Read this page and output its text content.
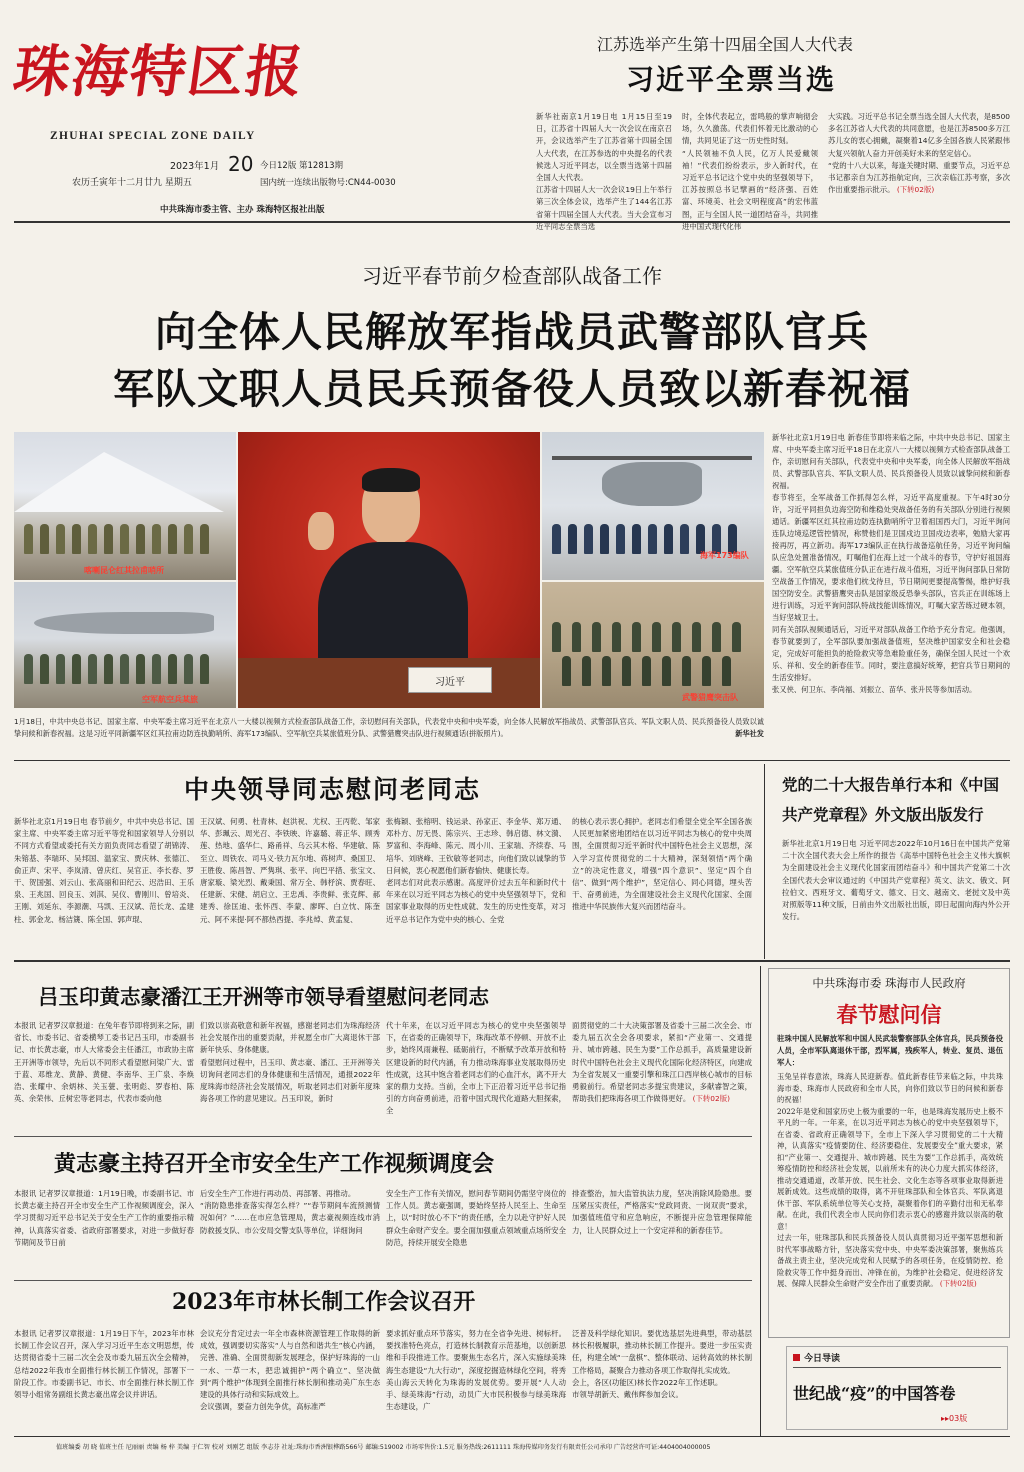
珠海特区报
ZHUHAI SPECIAL ZONE DAILY
2023年1月 20
农历壬寅年十二月廿九 星期五
今日12版 第12813期
国内统一连续出版物号:CN44-0030
中共珠海市委主管、主办 珠海特区报社出版
江苏选举产生第十四届全国人大代表
习近平全票当选
新华社南京1月19日电 1月15日至19日，江苏省十四届人大一次会议在南京召开，会议选举产生了江苏省第十四届全国人大代表，在江苏参选的中央提名的代表候选人习近平同志，以全票当选第十四届全国人大代表。
江苏省十四届人大一次会议19日上午举行第三次全体会议，选举产生了144名江苏省第十四届全国人大代表。当大会宣布习近平同志全票当选
时，全体代表起立，雷鸣般的掌声响彻会场，久久激荡。代表们怀着无比激动的心情，共同见证了这一历史性时刻。
“人民领袖不负人民，亿万人民爱戴领袖！”代表们纷纷表示，步入新时代，在习近平总书记这个党中央的坚强领导下，江苏按照总书记擘画的“经济强、百姓富、环境美、社会文明程度高”的宏伟蓝图，正与全国人民一道团结奋斗，共同推进中国式现代化伟
大实践。习近平总书记全票当选全国人大代表，是8500多名江苏省人大代表的共同意愿，也是江苏8500多万江苏儿女的衷心拥戴，凝聚着14亿多全国各族人民紧跟伟大复兴领航人奋力开创美好未来的坚定信心。
“党的十八大以来，每逢关键时期、重要节点，习近平总书记都亲自为江苏指航定向，三次亲临江苏考察，多次作出重要指示批示。 (下转02版)
习近平春节前夕检查部队战备工作
向全体人民解放军指战员武警部队官兵
军队文职人员民兵预备役人员致以新春祝福
喀喇昆仑红其拉甫哨所
空军航空兵某旅
习近平
海军173编队
武警猎鹰突击队
1月18日，中共中央总书记、国家主席、中央军委主席习近平在北京八一大楼以视频方式检查部队战备工作，亲切慰问有关部队，代表党中央和中央军委，向全体人民解放军指战员、武警部队官兵、军队文职人员、民兵预备役人员致以诚挚问候和新春祝福。这是习近平同新疆军区红其拉甫边防连执勤哨所、海军173编队、空军航空兵某旅值班分队、武警猎鹰突击队进行视频通话(拼版照片)。	新华社发
新华社北京1月19日电 新春佳节即将来临之际，中共中央总书记、国家主席、中央军委主席习近平18日在北京八一大楼以视频方式检查部队战备工作，亲切慰问有关部队，代表党中央和中央军委，向全体人民解放军指战员、武警部队官兵、军队文职人员、民兵预备役人员致以诚挚问候和新春祝福。
春节将至，全军战备工作抓得怎么样，习近平高度重视。下午4时30分许，习近平同担负边海空防和维稳处突战备任务的有关部队分别进行视频通话。新疆军区红其拉甫边防连执勤哨所守卫着祖国西大门，习近平询问连队边境巡逻管控情况，称赞他们是卫国戍边卫国戍边表率，勉励大家再接再厉，再立新功。海军173编队正在执行战备巡航任务，习近平询问编队应急处置准备情况，叮嘱他们在海上过一个战斗的春节，守护好祖国海疆。空军航空兵某旅值班分队正在进行战斗值班，习近平询问部队日常防空战备工作情况，要求他们枕戈待旦，节日期间更要提高警惕，维护好我国空防安全。武警猎鹰突击队是国家级反恐拳头部队，官兵正在训练场上进行训练，习近平询问部队特战技能训练情况，叮嘱大家苦练过硬本领，当好坚城卫士。
同有关部队视频通话后，习近平对部队战备工作给予充分肯定。他强调，春节就要到了，全军部队要加强战备值班，坚决维护国家安全和社会稳定，完成好可能担负的抢险救灾等急难险重任务，确保全国人民过一个欢乐、祥和、安全的新春佳节。同时，要注意搞好统筹，把官兵节日期间的生活安排好。
张又侠、何卫东、李尚福、刘振立、苗华、张升民等参加活动。
中央领导同志慰问老同志
新华社北京1月19日电 春节前夕，中共中央总书记、国家主席、中央军委主席习近平等党和国家领导人分别以不同方式看望或委托有关方面负责同志看望了胡锦涛、朱镕基、李瑞环、吴邦国、温家宝、贾庆林、张德江、俞正声、宋平、李岚清、曾庆红、吴官正、李长春、罗干、贺国强、刘云山、张高丽和田纪云、迟浩田、王乐泉、王兆国、回良玉、刘淇、吴仪、曹刚川、曾培炎、王刚、刘延东、李源潮、马凯、王汉斌、范长龙、孟建柱、郭金龙、杨洁篪、陈全国、郭声琨、
王汉斌、何勇、杜青林、赵洪祝、尤权、王丙乾、邹家华、彭珮云、周光召、李铁映、许嘉璐、蒋正华、顾秀莲、热地、盛华仁、路甬祥、乌云其木格、华建敏、陈至立、周铁农、司马义·铁力瓦尔地、蒋树声、桑国卫、王胜俊、陈昌智、严隽琪、张平、向巴平措、张宝文、唐家璇、梁光烈、戴秉国、常万全、韩杼滨、贾春旺、任建新、宋健、胡启立、王忠禹、李贵鲜、张克辉、郝建秀、徐匡迪、张怀西、李蒙、廖晖、白立忱、陈奎元、阿不来提·阿不都热西提、李兆焯、黄孟复、
张梅颖、张榕明、钱运录、孙家正、李金华、郑万通、邓朴方、厉无畏、陈宗兴、王志珍、韩启德、林文漪、罗富和、李海峰、陈元、周小川、王家瑞、齐续春、马培华、刘晓峰、王钦敏等老同志，向他们致以诚挚的节日问候，衷心祝愿他们新春愉快、健康长寿。
老同志们对此表示感谢。高度评价过去五年和新时代十年来在以习近平同志为核心的党中央坚强领导下，党和国家事业取得的历史性成就、发生的历史性变革，对习近平总书记作为党中央的核心、全党
的核心表示衷心拥护。老同志们希望全党全军全国各族人民更加紧密地团结在以习近平同志为核心的党中央周围，全面贯彻习近平新时代中国特色社会主义思想，深入学习宣传贯彻党的二十大精神，深刻领悟“两个确立”的决定性意义，增强“四个意识”、坚定“四个自信”、做到“两个维护”，坚定信心、同心同德，埋头苦干、奋勇前进，为全面建设社会主义现代化国家、全面推进中华民族伟大复兴而团结奋斗。
党的二十大报告单行本和《中国
共产党章程》外文版出版发行
新华社北京1月19日电 习近平同志2022年10月16日在中国共产党第二十次全国代表大会上所作的报告《高举中国特色社会主义伟大旗帜 为全面建设社会主义现代化国家而团结奋斗》和中国共产党第二十次全国代表大会审议通过的《中国共产党章程》英文、法文、俄文、阿拉伯文、西班牙文、葡萄牙文、德文、日文、越南文、老挝文及中英对照版等11种文版，日前由外文出版社出版，即日起面向海内外公开发行。
吕玉印黄志豪潘江王开洲等市领导看望慰问老同志
本报讯 记者罗汉章报道：在兔年春节即将到来之际，副省长、市委书记、省委横琴工委书记吕玉印，市委副书记、市长黄志豪，市人大常委会主任潘江，市政协主席王开洲等市领导，先后以不同形式看望慰问梁广大、雷于蓝、邓维龙、黄静、黄健、李南华、王广泉、李焕浩、张耀中、余炳林、关玉甍、张明彪、罗春柏、陈英、余荣伟、丘树宏等老同志，代表市委向他
们致以崇高敬意和新年祝福，感谢老同志们为珠海经济社会发展作出的重要贡献，并祝愿全市广大离退休干部新年快乐、身体健康。
看望慰问过程中，吕玉印、黄志豪、潘江、王开洲等关切询问老同志们的身体健康和生活情况，通报2022年度珠海市经济社会发展情况，听取老同志们对新年度珠海各项工作的意见建议。吕玉印说，新时
代十年来，在以习近平同志为核心的党中央坚强领导下，在省委的正确领导下，珠海改革不停顿、开放不止步，始终风雨兼程、砥砺前行，不断赋予改革开放和特区建设新的时代内涵，有力推动珠海事业发展取得历史性成就，这其中饱含着老同志们的心血汗水，离不开大家的鼎力支持。当前，全市上下正沿着习近平总书记指引的方向奋勇前进，沿着中国式现代化道路大胆探索，全
面贯彻党的二十大决策部署及省委十三届二次全会、市委九届五次全会各项要求，紧扣“产业第一、交通提升、城市跨越、民生为要”工作总抓手，高质量建设新时代中国特色社会主义现代化国际化经济特区，向建成为全省发展又一重要引擎和珠江口西岸核心城市的目标勇毅前行。希望老同志多提宝贵建议，多献睿智之策，帮助我们把珠海各项工作做得更好。 (下转02版)
黄志豪主持召开全市安全生产工作视频调度会
本报讯 记者罗汉章报道：1月19日晚，市委副书记、市长黄志豪主持召开全市安全生产工作视频调度会，深入学习贯彻习近平总书记关于安全生产工作的重要指示精神，认真落实省委、省政府部署要求，对进一步做好春节期间及节日前
后安全生产工作进行再动员、再部署、再推动。
“消防隐患排查落实得怎么样？”“春节期间车流预测情况如何？”……在市应急管理局，黄志豪视频连线市消防救援支队、市公安局交警支队等单位，详细询问
安全生产工作有关情况，慰问春节期间仍需坚守岗位的工作人员。黄志豪强调，要始终坚持人民至上、生命至上，以“时时放心不下”的责任感，全力以赴守护好人民群众生命财产安全。要全面加强重点领域重点场所安全防范，持续开展安全隐患
排查整治，加大监管执法力度，坚决消除风险隐患。要压紧压实责任，严格落实“党政同责、一岗双责”要求，加强值班值守和应急响应，不断提升应急管理保障能力，让人民群众过上一个安定祥和的新春佳节。
2023年市林长制工作会议召开
本报讯 记者罗汉章报道：1月19日下午，2023年市林长制工作会议召开，深入学习习近平生态文明思想，传达贯彻省委十三届二次全会及市委九届五次全会精神，总结2022年我市全面推行林长制工作情况，部署下一阶段工作。市委副书记、市长、市全面推行林长制工作领导小组常务副组长黄志豪出席会议并讲话。
会议充分肯定过去一年全市森林资源管理工作取得的新成效，强调要切实落实“人与自然和谐共生”核心内涵，完善、准确、全面贯彻新发展理念，保护好珠海的一山一水、一草一木，把忠诚拥护“两个确立”、坚决做到“两个维护”体现到全面推行林长制和推动美广东生态建设的具体行动和实际成效上。
会议强调，要奋力创先争优，高标准严
要求抓好重点环节落实，努力在全省争先进、树标杆。要找准特色亮点，打造林长制教育示范基地，以创新思维和手段推进工作。要聚焦生态名片，深入实施绿美珠海生态建设“九大行动”，深度挖掘造林绿化空间，将秀美山海云天转化为珠海的发展优势。要开展“人人动手、绿美珠海”行动，动员广大市民积极参与绿美珠海生态建设，广
泛普及科学绿化知识。要优选基层先进典型，带动基层林长积极履职，推动林长制工作提升。要进一步压实责任，构建全域“一盘棋”、整体联动、运转高效的林长制工作格局，凝聚合力推动各项工作取得扎实成效。
会上，各区(功能区)林长作2022年工作述职。
市领导胡新天、戴伟辉参加会议。
中共珠海市委 珠海市人民政府
春节慰问信
驻珠中国人民解放军和中国人民武装警察部队全体官兵，民兵预备役人员，全市军队离退休干部，烈军属，残疾军人，转业、复员、退伍军人：
玉兔呈祥春意浓，珠海人民迎新春。值此新春佳节来临之际，中共珠海市委、珠海市人民政府和全市人民，向你们致以节日的问候和新春的祝福！
2022年是党和国家历史上极为重要的一年，也是珠海发展历史上极不平凡的一年。一年来，在以习近平同志为核心的党中央坚强领导下，在省委、省政府正确领导下，全市上下深入学习贯彻党的二十大精神，认真落实“疫情要防住、经济要稳住、发展要安全”重大要求，紧扣“产业第一、交通提升、城市跨越、民生为要”工作总抓手，高效统筹疫情防控和经济社会发展，以前所未有的决心力度大抓实体经济，推动交通通道，改革开放、民生社会、文化生态等各项事业取得新进展新成效。这些成绩的取得，离不开驻珠部队和全体官兵、军队离退休干部、军队系统单位等关心支持，凝聚着你们的辛勤付出和无私奉献。在此，我们代表全市人民向你们表示衷心的感谢并致以崇高的敬意！
过去一年，驻珠部队和民兵预备役人员认真贯彻习近平强军思想和新时代军事战略方针，坚决落实党中央、中央军委决策部署，聚焦练兵备战主责主业，坚决完成党和人民赋予的各项任务，在疫情防控、抢险救灾等工作中挺身而出、冲锋在前，为维护社会稳定、促进经济发展、保障人民群众生命财产安全作出了重要贡献。 (下转02版)
今日导读
世纪战“疫”的中国答卷
▸▸03版
值班编委 胡 晓 值班主任 尼丽丽 责编 杨 梓 美编 于仁智 校对 刘刚艺 组版 李志芬 社址:珠海市香洲银桦路566号 邮编:519002 市场零售价:1.5元 服务热线:2611111 珠海传媒印务发行有限责任公司承印 广告经营许可证:4404004000005
